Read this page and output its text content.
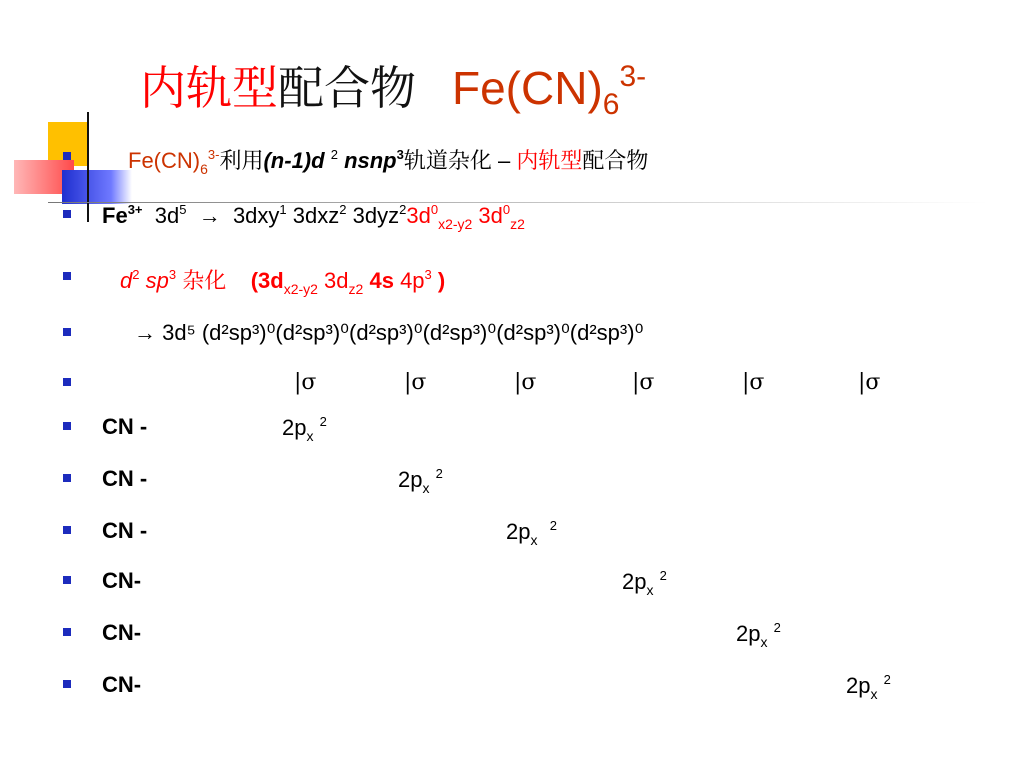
内轨型配合物 $Fe(CN)_6^{3-}$
$Fe(CN)_6^{3-}$利用(n-1)d $^2$ nsnp$^3$轨道杂化 – 内轨型配合物
$Fe^{3+}$ $3d^5 \to 3dxy^1$ 3dxz$^2$ $3dyz^23d^0_{x2-y2}$ $3d^0_{z2}$
$d^2$ $sp^3$ 杂化 ($3d_{x2-y2}$ $3d_{z2}$ 4s $4p^3$ )
→ 3d⁵ (d²sp³)⁰(d²sp³)⁰(d²sp³)⁰(d²sp³)⁰(d²sp³)⁰(d²sp³)⁰
|σ	|σ	|σ	|σ	|σ	|σ
CN -	$2p_x$ $^2$
CN -	$2p_x$ $^2$
CN -	$2p_x$  $^2$
CN-	$2p_x$ $^2$
CN-	$2p_x$ $^2$
CN-	$2p_x$ $^2$
